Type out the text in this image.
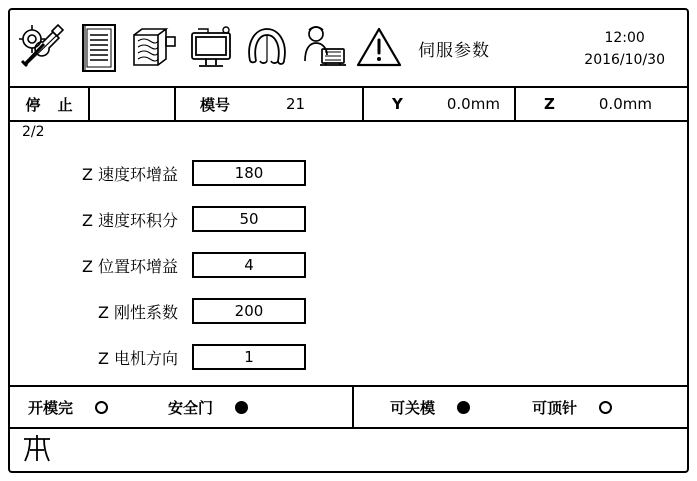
伺服参数
12:00
2016/10/30
停 止	模号	21	Y	0.0mm	Z	0.0mm
2/2
Z 速度环增益	180
Z 速度环积分	50
Z 位置环增益	4
Z 刚性系数	200
Z 电机方向	1
开模完	安全门	可关模	可顶针
